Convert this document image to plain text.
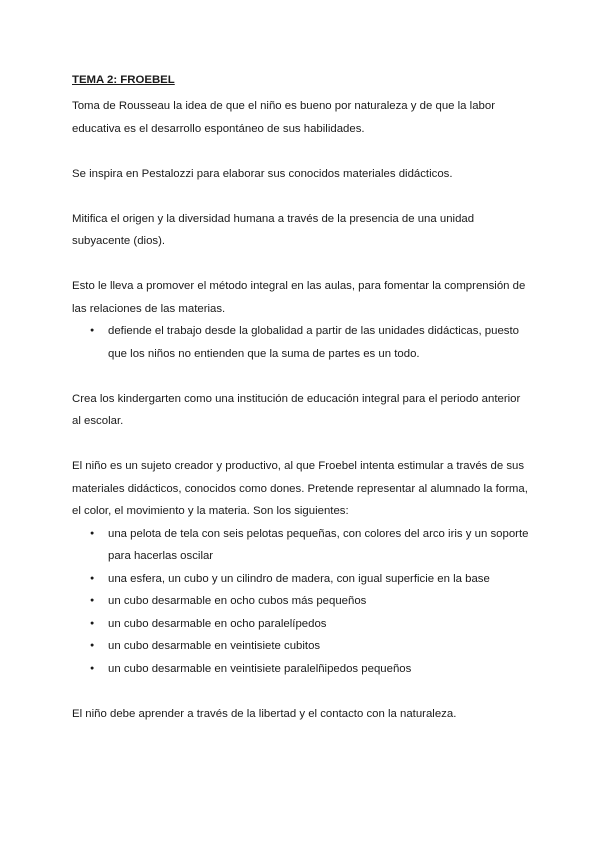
TEMA 2: FROEBEL

Toma de Rousseau la idea de que el niño es bueno por naturaleza y de que la labor educativa es el desarrollo espontáneo de sus habilidades.

Se inspira en Pestalozzi para elaborar sus conocidos materiales didácticos.

Mitifica el origen y la diversidad humana a través de la presencia de una unidad subyacente (dios).

Esto le lleva a promover el método integral en las aulas, para fomentar la comprensión de las relaciones de las materias.

● defiende el trabajo desde la globalidad a partir de las unidades didácticas, puesto que los niños no entienden que la suma de partes es un todo.

Crea los kindergarten como una institución de educación integral para el periodo anterior al escolar.

El niño es un sujeto creador y productivo, al que Froebel intenta estimular a través de sus materiales didácticos, conocidos como dones. Pretende representar al alumnado la forma, el color, el movimiento y la materia. Son los siguientes:

● una pelota de tela con seis pelotas pequeñas, con colores del arco iris y un soporte para hacerlas oscilar
● una esfera, un cubo y un cilindro de madera, con igual superficie en la base
● un cubo desarmable en ocho cubos más pequeños
● un cubo desarmable en ocho paralelípedos
● un cubo desarmable en veintisiete cubitos
● un cubo desarmable en veintisiete paralelñipedos pequeños

El niño debe aprender a través de la libertad y el contacto con la naturaleza.
